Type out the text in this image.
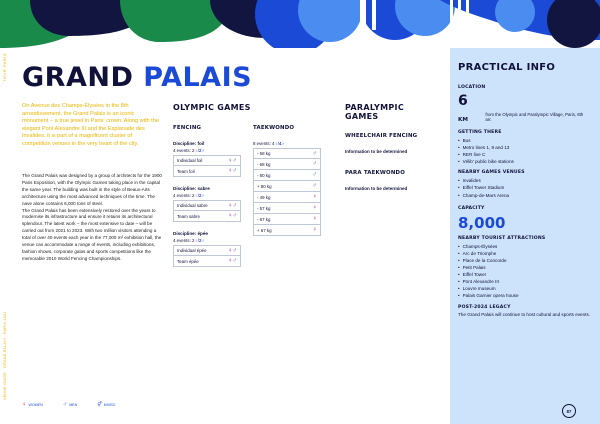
TOUR PARIS
VENUE GUIDE · GRAND PALAIS · PARIS 2024
GRAND PALAIS
On Avenue des Champs-Élysées in the 8th arrondissement, the Grand Palais is an iconic monument – a true jewel in Paris' crown. Along with the elegant Pont Alexandre III and the Esplanade des Invalides, it is part of a magnificent cluster of competition venues in the very heart of the city.

The Grand Palais was designed by a group of architects for the 1900 Paris Exposition, with the Olympic Games taking place in the capital the same year. The building was built in the style of Beaux-Arts architecture using the most advanced techniques of the time. The nave alone contains 6,000 tons of steel.

The Grand Palais has been extensively restored over the years to modernise its infrastructure and ensure it retains its architectural splendour. The latest work – the most extensive to date – will be carried out from 2021 to 2023. With two million visitors attending a total of over 40 events each year in the 77,000 m² exhibition hall, the venue can accommodate a range of events, including exhibitions, fashion shows, corporate galas and sports competitions like the memorable 2010 World Fencing Championships.

OLYMPIC GAMES
FENCING
Discipline: foil
4 events: 2♀/2♂
Individual foil	♀♂
Team foil	♀♂
Discipline: sabre
4 events: 2♀/2♂
Individual sabre	♀♂
Team sabre	♀♂
Discipline: épée
4 events: 2♀/2♂
Individual épée	♀♂
Team épée	♀♂
TAEKWONDO
8 events: 4♀/4♂
- 58 kg	♂
- 68 kg	♂
- 80 kg	♂
+ 80 kg	♂
- 49 kg	♀
- 57 kg	♀
- 67 kg	♀
+ 67 kg	♀
PARALYMPIC
GAMES
WHEELCHAIR FENCING
Information to be determined
PARA TAEKWONDO
Information to be determined
PRACTICAL INFO
LOCATION
6 KM
from the Olympic and Paralympic Village, Paris, 8th arr.
GETTING THERE
• Bus
• Metro lines 1, 9 and 13
• RER line C
• Vélib' public bike stations
NEARBY GAMES VENUES
• Invalides
• Eiffel Tower Stadium
• Champ-de-Mars Arena
CAPACITY
8,000
NEARBY TOURIST ATTRACTIONS
• Champs-Élysées
• Arc de Triomphe
• Place de la Concorde
• Petit Palais
• Eiffel Tower
• Pont Alexandre III
• Louvre museum
• Palais Garnier opera house
POST-2024 LEGACY
The Grand Palais will continue to host cultural and sports events.
♀ WOMEN	♂ MEN	⚥ MIXED
87
